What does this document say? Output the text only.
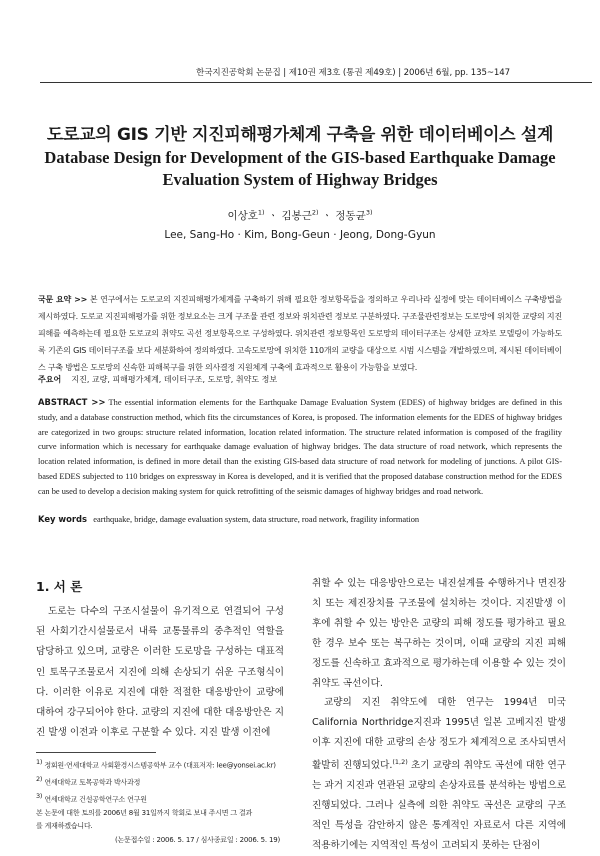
한국지진공학회 논문집 | 제10권 제3호 (통권 제49호) | 2006년 6월, pp. 135~147
도로교의 GIS 기반 지진피해평가체계 구축을 위한 데이터베이스 설계
Database Design for Development of the GIS-based Earthquake Damage
Evaluation System of Highway Bridges
이상호$^{1)}$ ㆍ 김봉근$^{2)}$ ㆍ 정동균$^{3)}$
Lee, Sang-Ho · Kim, Bong-Geun · Jeong, Dong-Gyun
국문 요약 >> 본 연구에서는 도로교의 지진피해평가체계를 구축하기 위해 필요한 정보항목들을 정의하고 우리나라 실정에 맞는 데이터베이스 구축방법을 제시하였다. 도로교 지진피해평가를 위한 정보요소는 크게 구조물 관련 정보와 위치관련 정보로 구분하였다. 구조물관련정보는 도로망에 위치한 교량의 지진피해를 예측하는데 필요한 도로교의 취약도 곡선 정보항목으로 구성하였다. 위치관련 정보항목인 도로망의 데이터구조는 상세한 교차로 모델링이 가능하도록 기존의 GIS 데이터구조를 보다 세분화하여 정의하였다. 고속도로망에 위치한 110개의 교량을 대상으로 시범 시스템을 개발하였으며, 제시된 데이터베이스 구축 방법은 도로망의 신속한 피해복구를 위한 의사결정 지원체계 구축에 효과적으로 활용이 가능함을 보였다.
주요어 지진, 교량, 피해평가체계, 데이터구조, 도로망, 취약도 정보
ABSTRACT >> The essential information elements for the Earthquake Damage Evaluation System (EDES) of highway bridges are defined in this study, and a database construction method, which fits the circumstances of Korea, is proposed. The information elements for the EDES of highway bridges are categorized in two groups: structure related information, location related information. The structure related information is composed of the fragility curve information which is necessary for earthquake damage evaluation of highway bridges. The data structure of road network, which represents the location related information, is defined in more detail than the existing GIS-based data structure of road network for modeling of junctions. A pilot GIS-based EDES subjected to 110 bridges on expressway in Korea is developed, and it is verified that the proposed database construction method for the EDES can be used to develop a decision making system for quick retrofitting of the seismic damages of highway bridges and road network.
Key words earthquake, bridge, damage evaluation system, data structure, road network, fragility information
1. 서 론
도로는 다수의 구조시설물이 유기적으로 연결되어 구성된 사회기간시설물로서 내륙 교통물류의 중추적인 역할을 담당하고 있으며, 교량은 이러한 도로망을 구성하는 대표적인 토목구조물로서 지진에 의해 손상되기 쉬운 구조형식이다. 이러한 이유로 지진에 대한 적절한 대응방안이 교량에 대하여 강구되어야 한다. 교량의 지진에 대한 대응방안은 지진 발생 이전과 이후로 구분할 수 있다. 지진 발생 이전에
취할 수 있는 대응방안으로는 내진설계를 수행하거나 면진장치 또는 제진장치를 구조물에 설치하는 것이다. 지진발생 이후에 취할 수 있는 방안은 교량의 피해 정도를 평가하고 필요한 경우 보수 또는 복구하는 것이며, 이때 교량의 지진 피해 정도를 신속하고 효과적으로 평가하는데 이용할 수 있는 것이 취약도 곡선이다.
교량의 지진 취약도에 대한 연구는 1994년 미국 California Northridge지진과 1995년 일본 고베지진 발생 이후 지진에 대한 교량의 손상 정도가 체계적으로 조사되면서 활발히 진행되었다.$^{(1,2)}$ 초기 교량의 취약도 곡선에 대한 연구는 과거 지진과 연관된 교량의 손상자료를 분석하는 방법으로 진행되었다. 그러나 실측에 의한 취약도 곡선은 교량의 구조적인 특성을 감안하지 않은 통계적인 자료로서 다른 지역에 적용하기에는 지역적인 특성이 고려되지 못하는 단점이
$^{1)}$ 정회원·연세대학교 사회환경시스템공학부 교수 (대표저자: lee@yonsei.ac.kr)
$^{2)}$ 연세대학교 토목공학과 박사과정
$^{3)}$ 연세대학교 건설공학연구소 연구원
본 논문에 대한 토의를 2006년 8월 31일까지 학회로 보내 주시면 그 결과
를 게재하겠습니다.
(논문접수일 : 2006. 5. 17 / 심사종료일 : 2006. 5. 19)
